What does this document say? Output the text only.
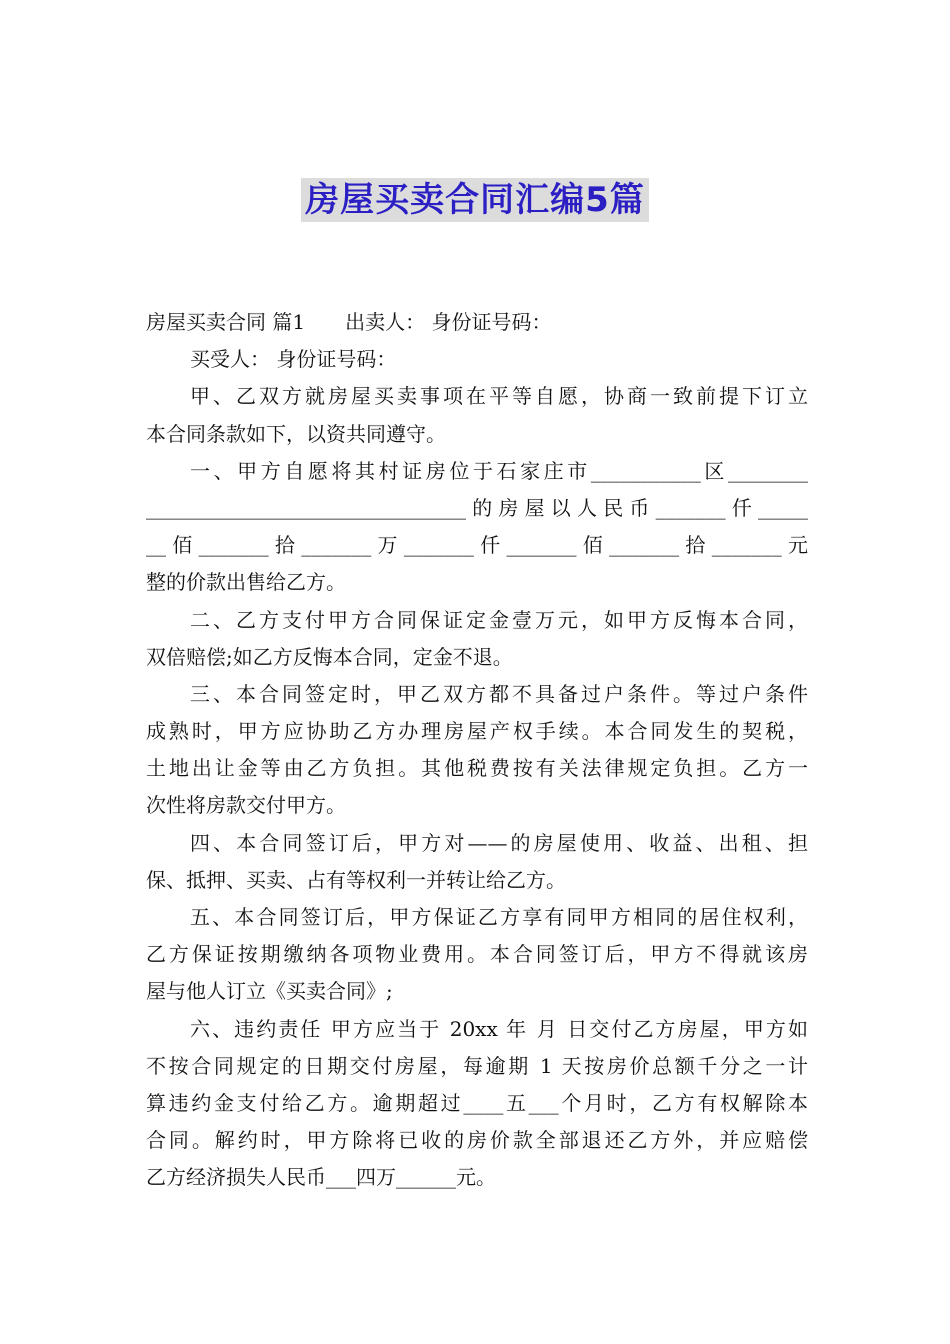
房屋买卖合同汇编5篇
房屋买卖合同 篇1 出卖人： 身份证号码：
买受人： 身份证号码：
甲、乙双方就房屋买卖事项在平等自愿，协商一致前提下订立
本合同条款如下，以资共同遵守。
一、甲方自愿将其村证房位于石家庄市___________区________
________________________________的房屋以人民币_______仟_____
__佰_______拾_______万_______仟_______佰_______拾_______元
整的价款出售给乙方。
二、乙方支付甲方合同保证定金壹万元，如甲方反悔本合同，
双倍赔偿;如乙方反悔本合同，定金不退。
三、本合同签定时，甲乙双方都不具备过户条件。等过户条件
成熟时，甲方应协助乙方办理房屋产权手续。本合同发生的契税，
土地出让金等由乙方负担。其他税费按有关法律规定负担。乙方一
次性将房款交付甲方。
四、本合同签订后，甲方对——的房屋使用、收益、出租、担
保、抵押、买卖、占有等权利一并转让给乙方。
五、本合同签订后，甲方保证乙方享有同甲方相同的居住权利，
乙方保证按期缴纳各项物业费用。本合同签订后，甲方不得就该房
屋与他人订立《买卖合同》;
六、违约责任 甲方应当于 20xx 年 月 日交付乙方房屋，甲方如
不按合同规定的日期交付房屋，每逾期 1 天按房价总额千分之一计
算违约金支付给乙方。逾期超过____五___个月时，乙方有权解除本
合同。解约时，甲方除将已收的房价款全部退还乙方外，并应赔偿
乙方经济损失人民币___四万______元。
